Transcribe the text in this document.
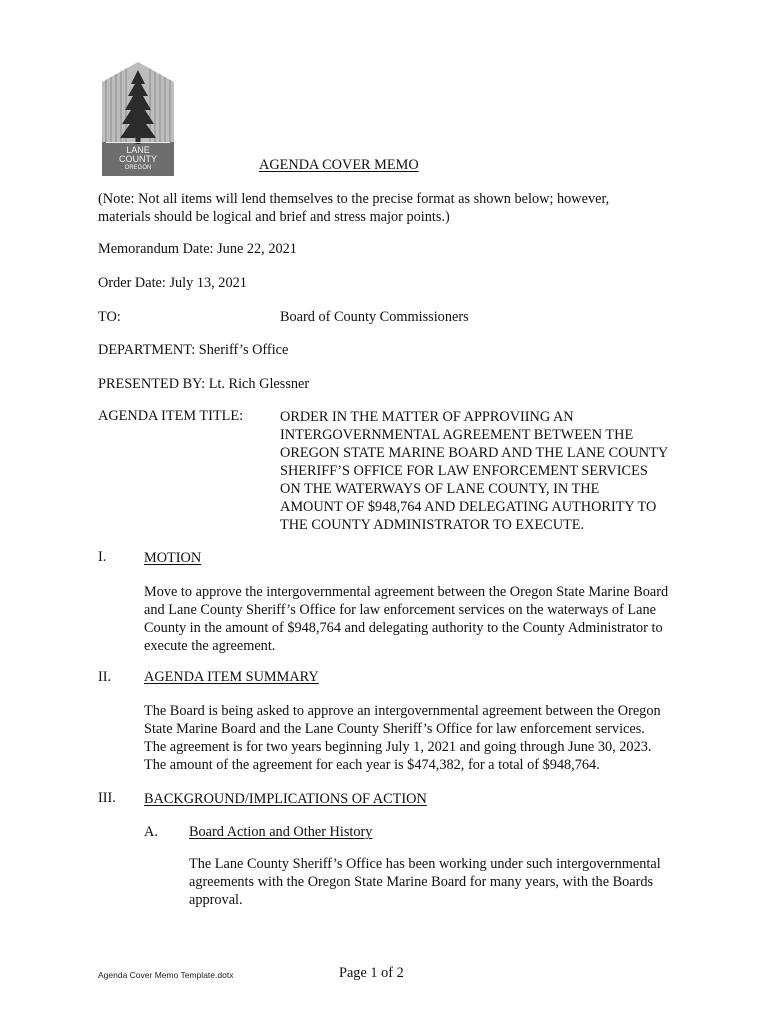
LANE
COUNTY
OREGON	AGENDA COVER MEMO
(Note: Not all items will lend themselves to the precise format as shown below; however,
materials should be logical and brief and stress major points.)
Memorandum Date: June 22, 2021
Order Date: July 13, 2021
TO:	Board of County Commissioners
DEPARTMENT: Sheriff’s Office
PRESENTED BY: Lt. Rich Glessner
AGENDA ITEM TITLE:	ORDER IN THE MATTER OF APPROVIING AN
INTERGOVERNMENTAL AGREEMENT BETWEEN THE
OREGON STATE MARINE BOARD AND THE LANE COUNTY
SHERIFF’S OFFICE FOR LAW ENFORCEMENT SERVICES
ON THE WATERWAYS OF LANE COUNTY, IN THE
AMOUNT OF $948,764 AND DELEGATING AUTHORITY TO
THE COUNTY ADMINISTRATOR TO EXECUTE.
I.	MOTION
Move to approve the intergovernmental agreement between the Oregon State Marine Board
and Lane County Sheriff’s Office for law enforcement services on the waterways of Lane
County in the amount of $948,764 and delegating authority to the County Administrator to
execute the agreement.
II. AGENDA ITEM SUMMARY
The Board is being asked to approve an intergovernmental agreement between the Oregon
State Marine Board and the Lane County Sheriff’s Office for law enforcement services.
The agreement is for two years beginning July 1, 2021 and going through June 30, 2023.
The amount of the agreement for each year is $474,382, for a total of $948,764.
III. BACKGROUND/IMPLICATIONS OF ACTION
A. Board Action and Other History
The Lane County Sheriff’s Office has been working under such intergovernmental
agreements with the Oregon State Marine Board for many years, with the Boards
approval.
Agenda Cover Memo Template.dotx	Page 1 of 2
